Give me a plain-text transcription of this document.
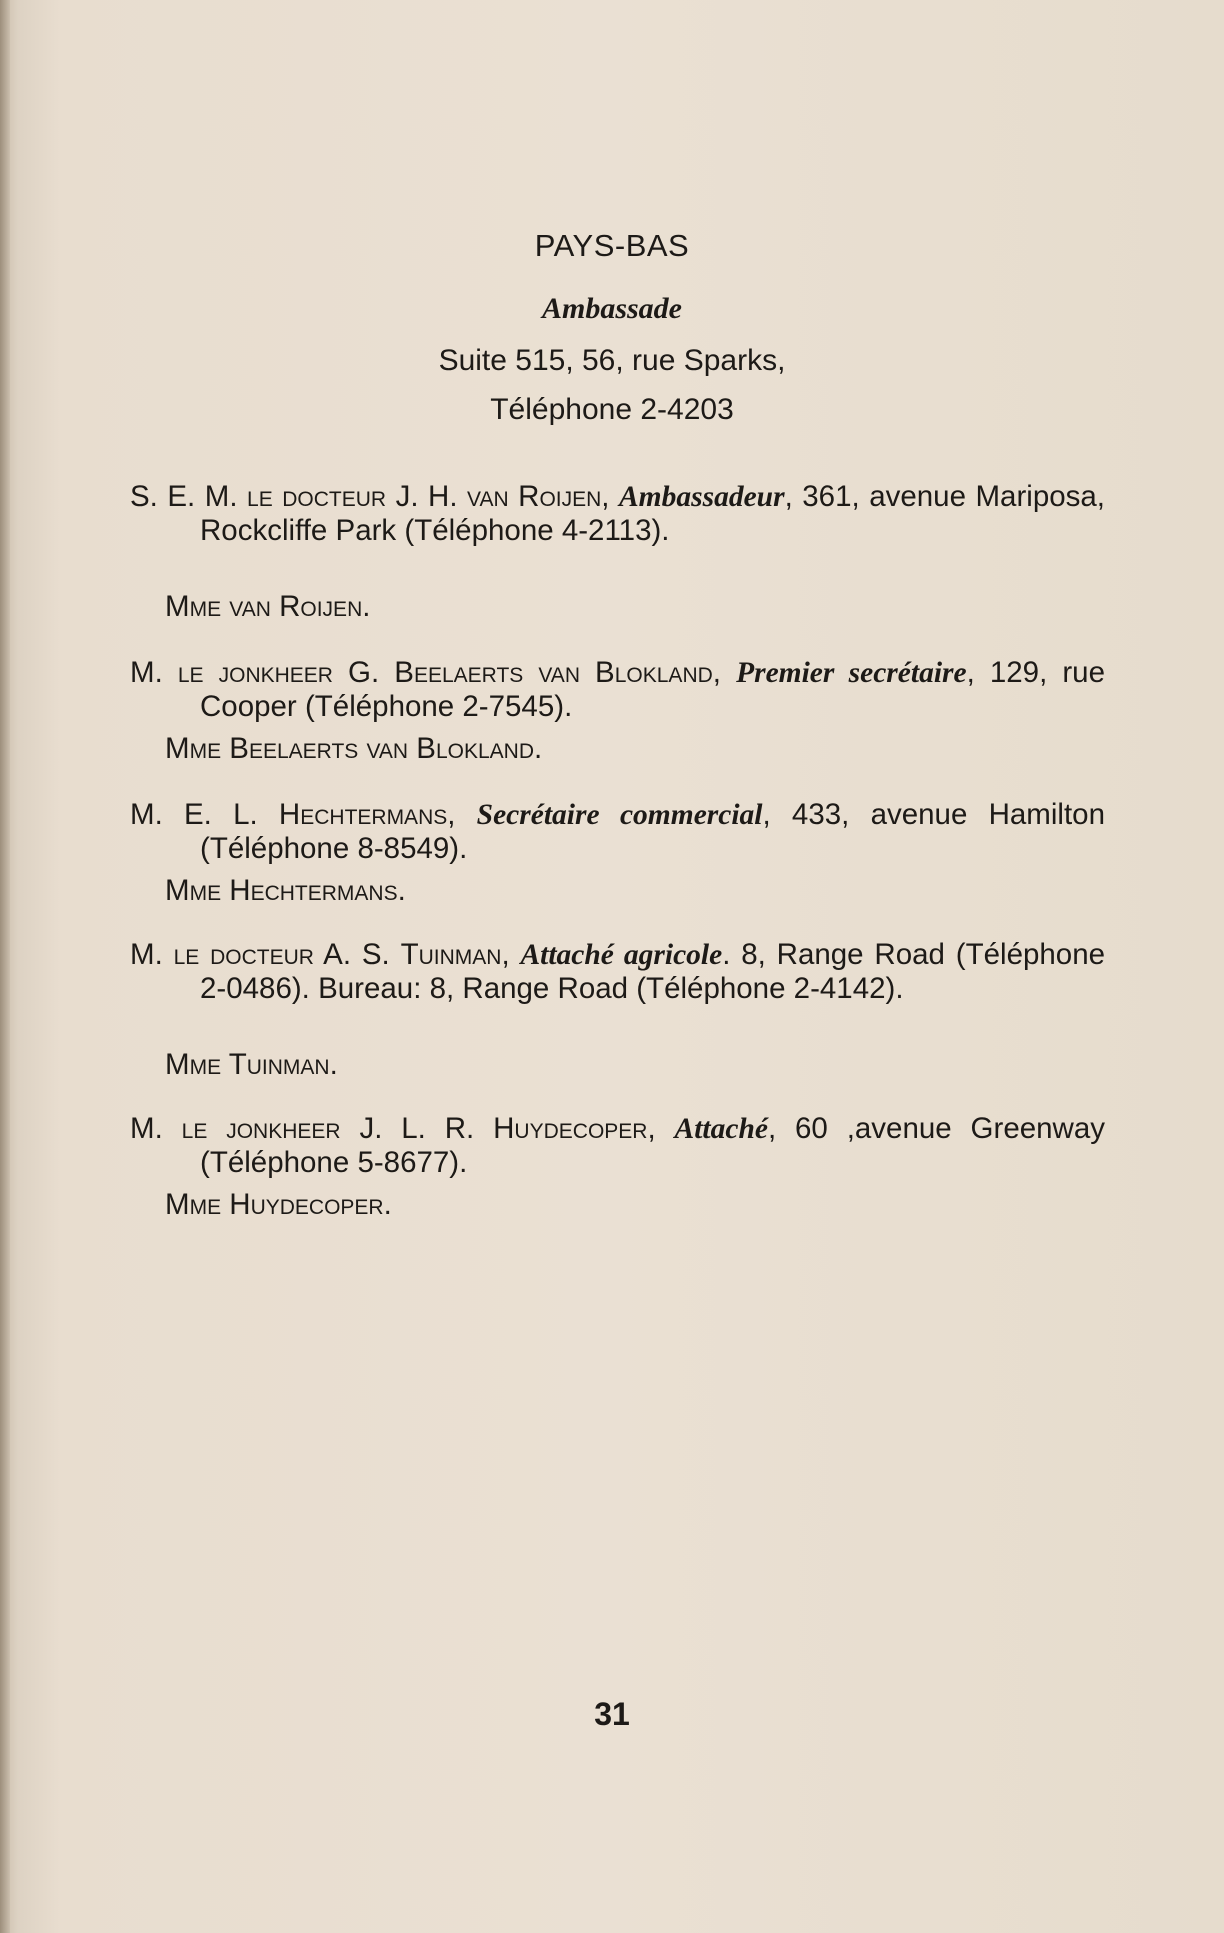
PAYS-BAS
Ambassade
Suite 515, 56, rue Sparks,
Téléphone 2-4203
S. E. M. le docteur J. H. van Roijen, Ambassadeur, 361, avenue Mariposa, Rockcliffe Park (Téléphone 4-2113).
Mme van Roijen.
M. le jonkheer G. Beelaerts van Blokland, Premier secrétaire, 129, rue Cooper (Téléphone 2-7545).
Mme Beelaerts van Blokland.
M. E. L. Hechtermans, Secrétaire commercial, 433, avenue Hamilton (Téléphone 8-8549).
Mme Hechtermans.
M. le docteur A. S. Tuinman, Attaché agricole. 8, Range Road (Téléphone 2-0486). Bureau: 8, Range Road (Téléphone 2-4142).
Mme Tuinman.
M. le jonkheer J. L. R. Huydecoper, Attaché, 60 ,avenue Greenway (Téléphone 5-8677).
Mme Huydecoper.
31
